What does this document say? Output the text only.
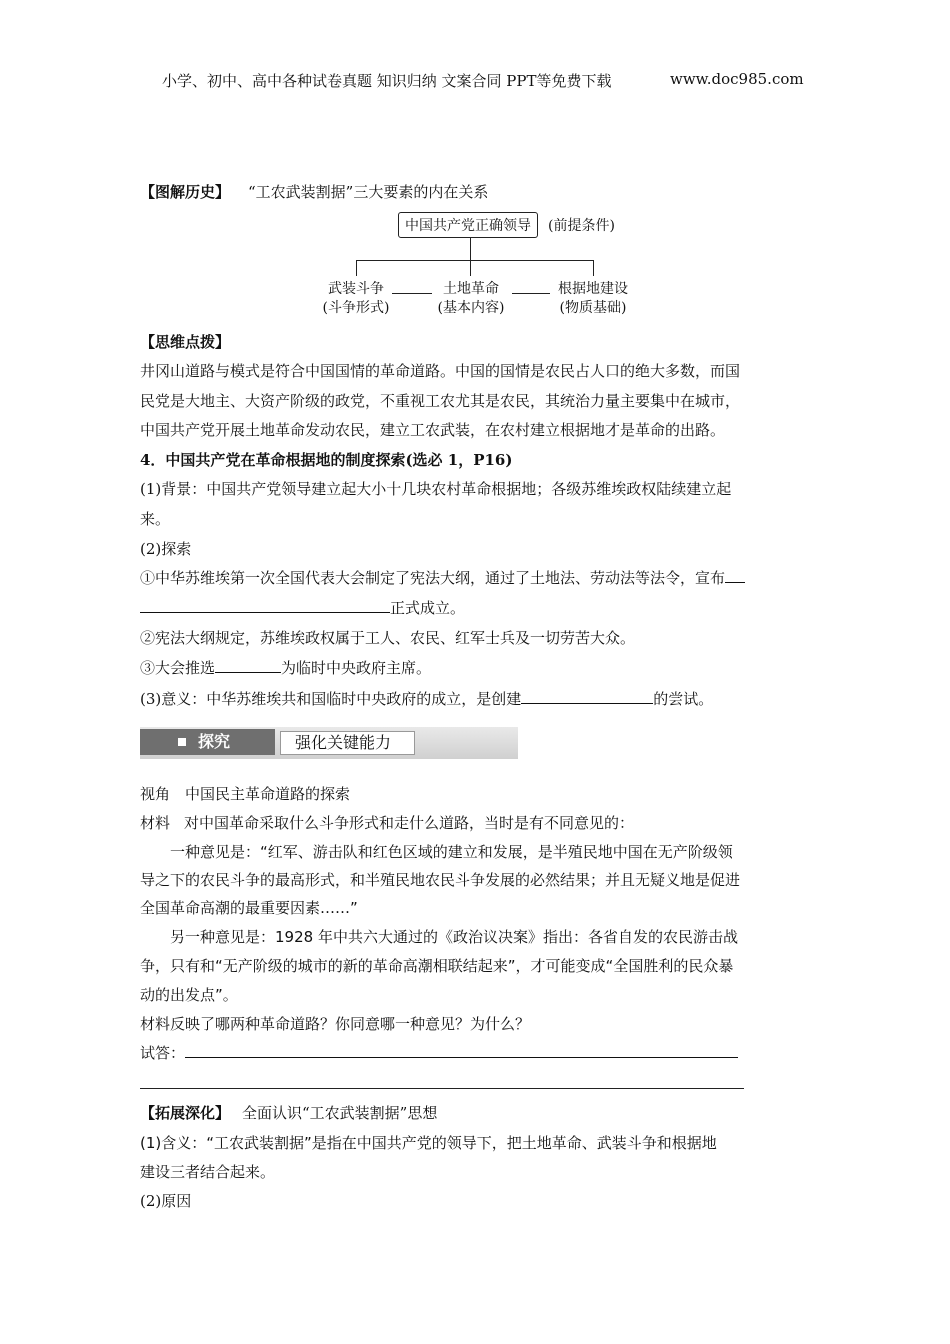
小学、初中、高中各种试卷真题 知识归纳 文案合同 PPT等免费下载	www.doc985.com
【图解历史】 “工农武装割据”三大要素的内在关系
中国共产党正确领导	(前提条件)
武装斗争
(斗争形式)
土地革命
(基本内容)
根据地建设
(物质基础)
【思维点拨】
井冈山道路与模式是符合中国国情的革命道路。中国的国情是农民占人口的绝大多数，而国
民党是大地主、大资产阶级的政党，不重视工农尤其是农民，其统治力量主要集中在城市，
中国共产党开展土地革命发动农民，建立工农武装，在农村建立根据地才是革命的出路。
4．中国共产党在革命根据地的制度探索(选必 1，P16)
(1)背景：中国共产党领导建立起大小十几块农村革命根据地；各级苏维埃政权陆续建立起
来。
(2)探索
①中华苏维埃第一次全国代表大会制定了宪法大纲，通过了土地法、劳动法等法令，宣布
正式成立。
②宪法大纲规定，苏维埃政权属于工人、农民、红军士兵及一切劳苦大众。
③大会推选	为临时中央政府主席。
(3)意义：中华苏维埃共和国临时中央政府的成立，是创建	的尝试。
探究	强化关键能力
视角　中国民主革命道路的探索
材料 对中国革命采取什么斗争形式和走什么道路，当时是有不同意见的：
一种意见是：“红军、游击队和红色区域的建立和发展，是半殖民地中国在无产阶级领
导之下的农民斗争的最高形式，和半殖民地农民斗争发展的必然结果；并且无疑义地是促进
全国革命高潮的最重要因素……”
另一种意见是：1928 年中共六大通过的《政治议决案》指出：各省自发的农民游击战
争，只有和“无产阶级的城市的新的革命高潮相联结起来”，才可能变成“全国胜利的民众暴
动的出发点”。
材料反映了哪两种革命道路？你同意哪一种意见？为什么？
试答：
【拓展深化】 全面认识“工农武装割据”思想
(1)含义：“工农武装割据”是指在中国共产党的领导下，把土地革命、武装斗争和根据地
建设三者结合起来。
(2)原因
